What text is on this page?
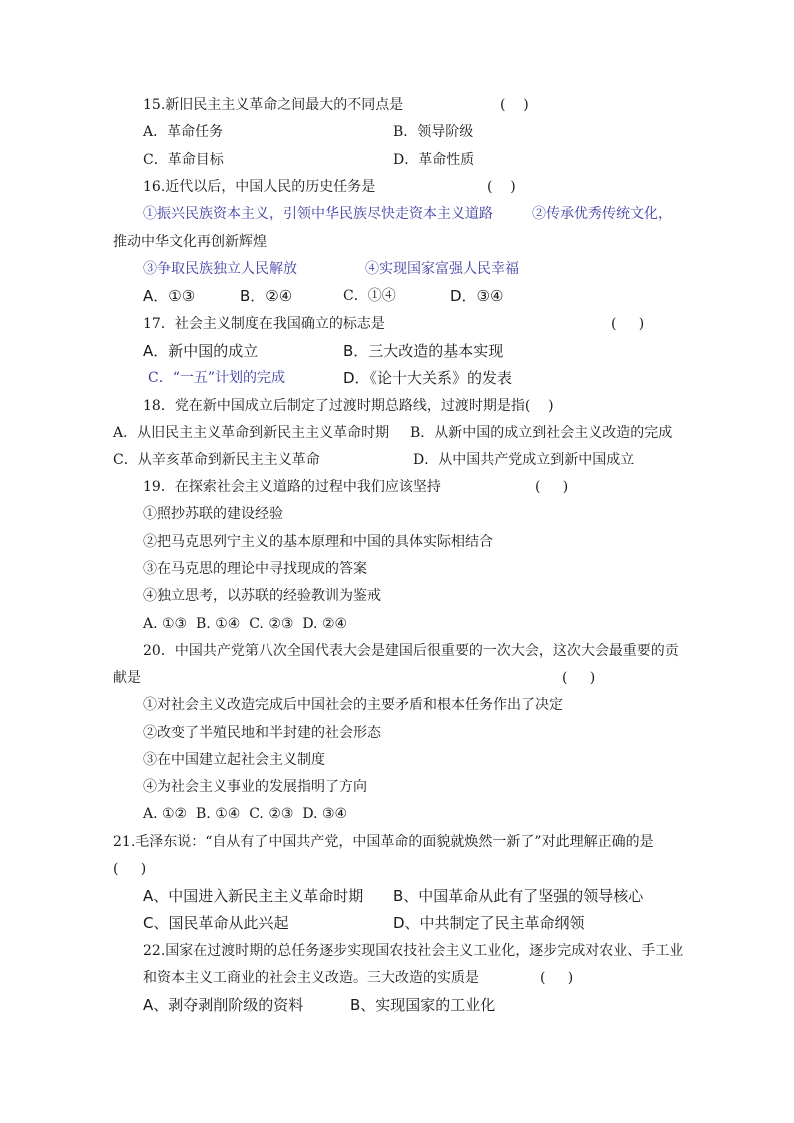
15.新旧民主主义革命之间最大的不同点是	(    )
A．革命任务	B．领导阶级
C．革命目标	D．革命性质
16.近代以后，中国人民的历史任务是	(    )
①振兴民族资本主义，引领中华民族尽快走资本主义道路	②传承优秀传统文化，
推动中华文化再创新辉煌
③争取民族独立人民解放	④实现国家富强人民幸福
A．①③	B．②④	C．①④	D．③④
17．社会主义制度在我国确立的标志是	(     )
A．新中国的成立	B．三大改造的基本实现
C．“一五”计划的完成	D．《论十大关系》的发表
18．党在新中国成立后制定了过渡时期总路线，过渡时期是指(    )
A．从旧民主主义革命到新民主主义革命时期 B．从新中国的成立到社会主义改造的完成
C．从辛亥革命到新民主主义革命	D．从中国共产党成立到新中国成立
19．在探索社会主义道路的过程中我们应该坚持	(     )
①照抄苏联的建设经验
②把马克思列宁主义的基本原理和中国的具体实际相结合
③在马克思的理论中寻找现成的答案
④独立思考，以苏联的经验教训为鉴戒
A. ①③  B. ①④  C. ②③  D. ②④
20．中国共产党第八次全国代表大会是建国后很重要的一次大会，这次大会最重要的贡
献是	(     )
①对社会主义改造完成后中国社会的主要矛盾和根本任务作出了决定
②改变了半殖民地和半封建的社会形态
③在中国建立起社会主义制度
④为社会主义事业的发展指明了方向
A. ①②  B. ①④  C. ②③  D. ③④
21.毛泽东说：“自从有了中国共产党，中国革命的面貌就焕然一新了”对此理解正确的是
(     )
A、中国进入新民主主义革命时期 B、中国革命从此有了坚强的领导核心
C、国民革命从此兴起	D、中共制定了民主革命纲领
22.国家在过渡时期的总任务逐步实现国农技社会主义工业化，逐步完成对农业、手工业
和资本主义工商业的社会主义改造。三大改造的实质是	(     )
A、剥夺剥削阶级的资料	B、实现国家的工业化
